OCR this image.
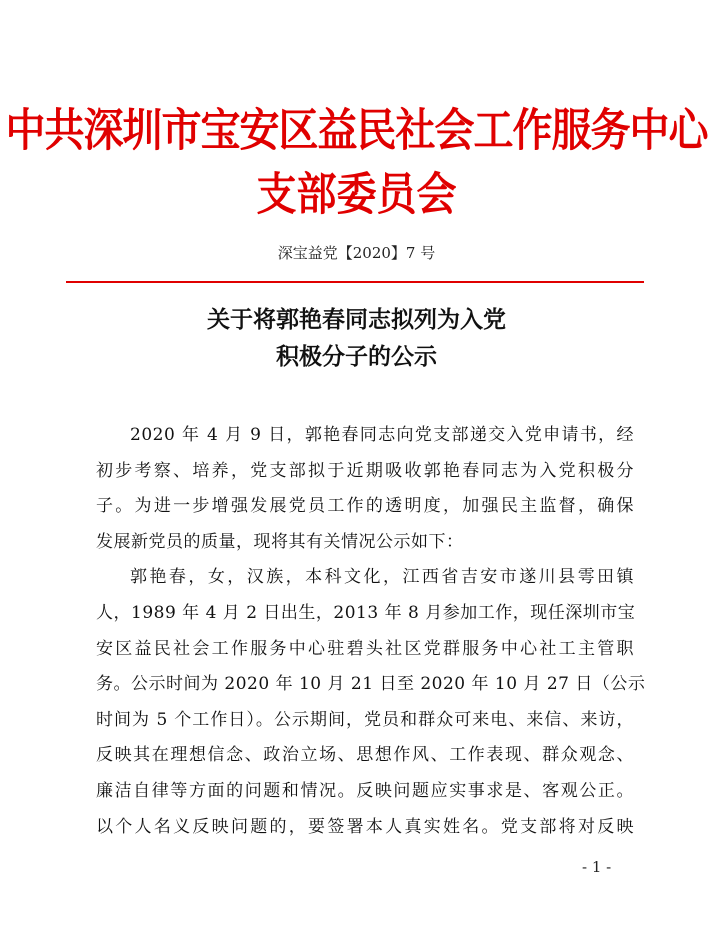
中共深圳市宝安区益民社会工作服务中心
支部委员会
深宝益党【2020】7 号
关于将郭艳春同志拟列为入党
积极分子的公示
2020 年 4 月 9 日，郭艳春同志向党支部递交入党申请书，经
初步考察、培养，党支部拟于近期吸收郭艳春同志为入党积极分
子。为进一步增强发展党员工作的透明度，加强民主监督，确保
发展新党员的质量，现将其有关情况公示如下：
郭艳春，女，汉族，本科文化，江西省吉安市遂川县雩田镇
人，1989 年 4 月 2 日出生，2013 年 8 月参加工作，现任深圳市宝
安区益民社会工作服务中心驻碧头社区党群服务中心社工主管职
务。公示时间为 2020 年 10 月 21 日至 2020 年 10 月 27 日（公示
时间为 5 个工作日）。公示期间，党员和群众可来电、来信、来访，
反映其在理想信念、政治立场、思想作风、工作表现、群众观念、
廉洁自律等方面的问题和情况。反映问题应实事求是、客观公正。
以个人名义反映问题的，要签署本人真实姓名。党支部将对反映
- 1 -
